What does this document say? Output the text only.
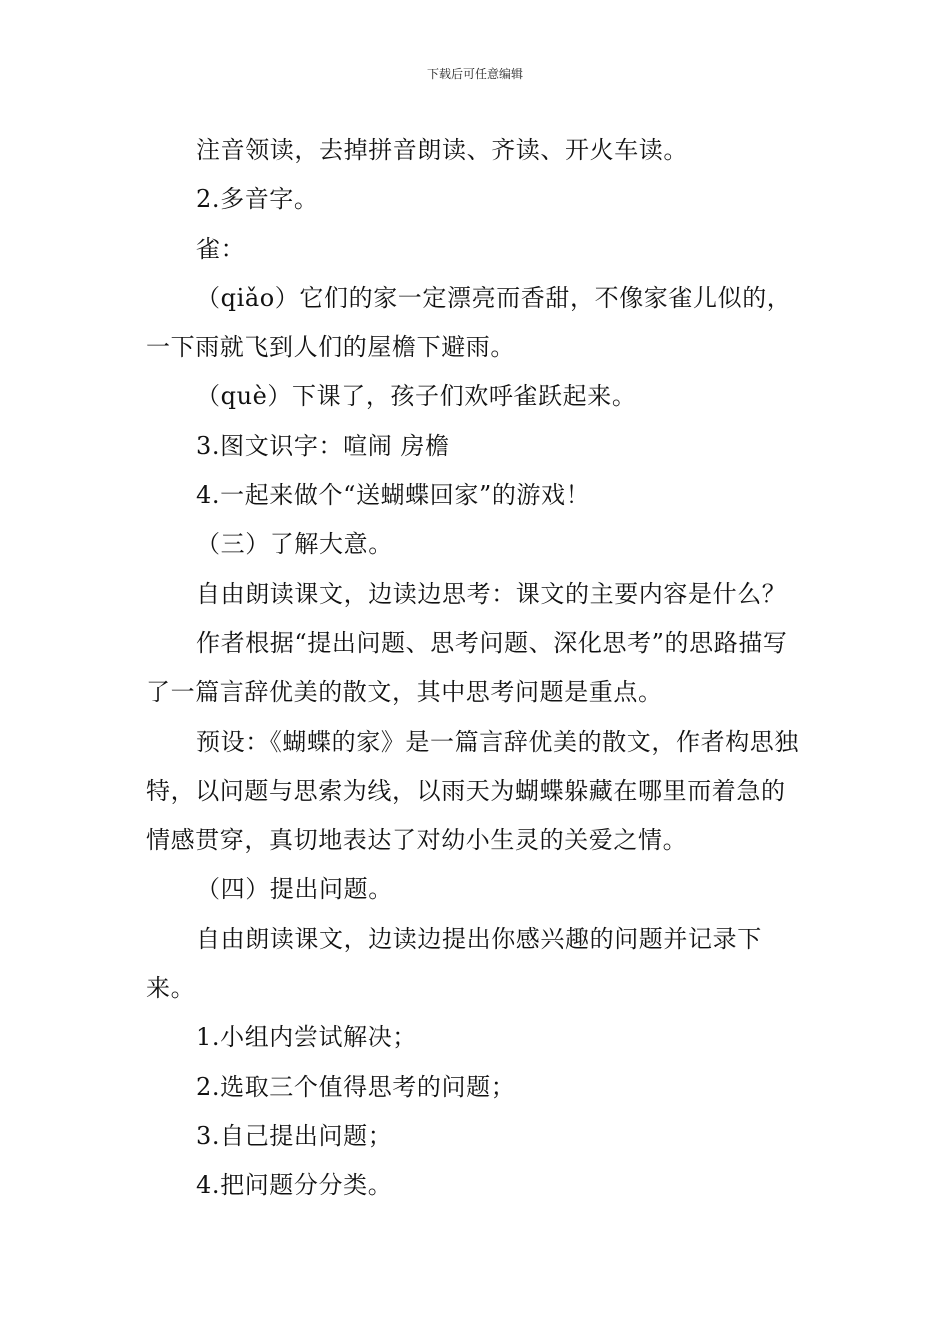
下载后可任意编辑

注音领读，去掉拼音朗读、齐读、开火车读。

2.多音字。

雀：

（qiǎo）它们的家一定漂亮而香甜，不像家雀儿似的，一下雨就飞到人们的屋檐下避雨。

（què）下课了，孩子们欢呼雀跃起来。

3.图文识字：喧闹 房檐

4.一起来做个“送蝴蝶回家”的游戏！

（三）了解大意。

自由朗读课文，边读边思考：课文的主要内容是什么？

作者根据“提出问题、思考问题、深化思考”的思路描写了一篇言辞优美的散文，其中思考问题是重点。

预设：《蝴蝶的家》是一篇言辞优美的散文，作者构思独特，以问题与思索为线，以雨天为蝴蝶躲藏在哪里而着急的情感贯穿，真切地表达了对幼小生灵的关爱之情。

（四）提出问题。

自由朗读课文，边读边提出你感兴趣的问题并记录下来。

1.小组内尝试解决；

2.选取三个值得思考的问题；

3.自己提出问题；

4.把问题分分类。
